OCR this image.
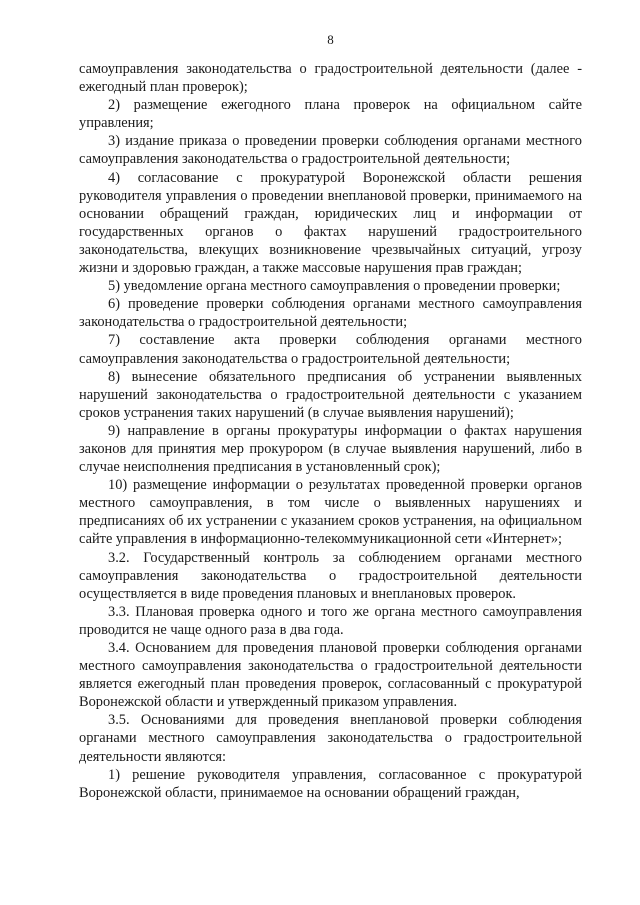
8

самоуправления законодательства о градостроительной деятельности (далее - ежегодный план проверок);

2) размещение ежегодного плана проверок на официальном сайте управления;

3) издание приказа о проведении проверки соблюдения органами местного самоуправления законодательства о градостроительной деятельности;

4) согласование с прокуратурой Воронежской области решения руководителя управления о проведении внеплановой проверки, принимаемого на основании обращений граждан, юридических лиц и информации от государственных органов о фактах нарушений градостроительного законодательства, влекущих возникновение чрезвычайных ситуаций, угрозу жизни и здоровью граждан, а также массовые нарушения прав граждан;

5) уведомление органа местного самоуправления о проведении проверки;

6) проведение проверки соблюдения органами местного самоуправления законодательства о градостроительной деятельности;

7) составление акта проверки соблюдения органами местного самоуправления законодательства о градостроительной деятельности;

8) вынесение обязательного предписания об устранении выявленных нарушений законодательства о градостроительной деятельности с указанием сроков устранения таких нарушений (в случае выявления нарушений);

9) направление в органы прокуратуры информации о фактах нарушения законов для принятия мер прокурором (в случае выявления нарушений, либо в случае неисполнения предписания в установленный срок);

10) размещение информации о результатах проведенной проверки органов местного самоуправления, в том числе о выявленных нарушениях и предписаниях об их устранении с указанием сроков устранения, на официальном сайте управления в информационно-телекоммуникационной сети «Интернет»;

3.2. Государственный контроль за соблюдением органами местного самоуправления законодательства о градостроительной деятельности осуществляется в виде проведения плановых и внеплановых проверок.

3.3. Плановая проверка одного и того же органа местного самоуправления проводится не чаще одного раза в два года.

3.4. Основанием для проведения плановой проверки соблюдения органами местного самоуправления законодательства о градостроительной деятельности является ежегодный план проведения проверок, согласованный с прокуратурой Воронежской области и утвержденный приказом управления.

3.5. Основаниями для проведения внеплановой проверки соблюдения органами местного самоуправления законодательства о градостроительной деятельности являются:

1) решение руководителя управления, согласованное с прокуратурой Воронежской области, принимаемое на основании обращений граждан,
